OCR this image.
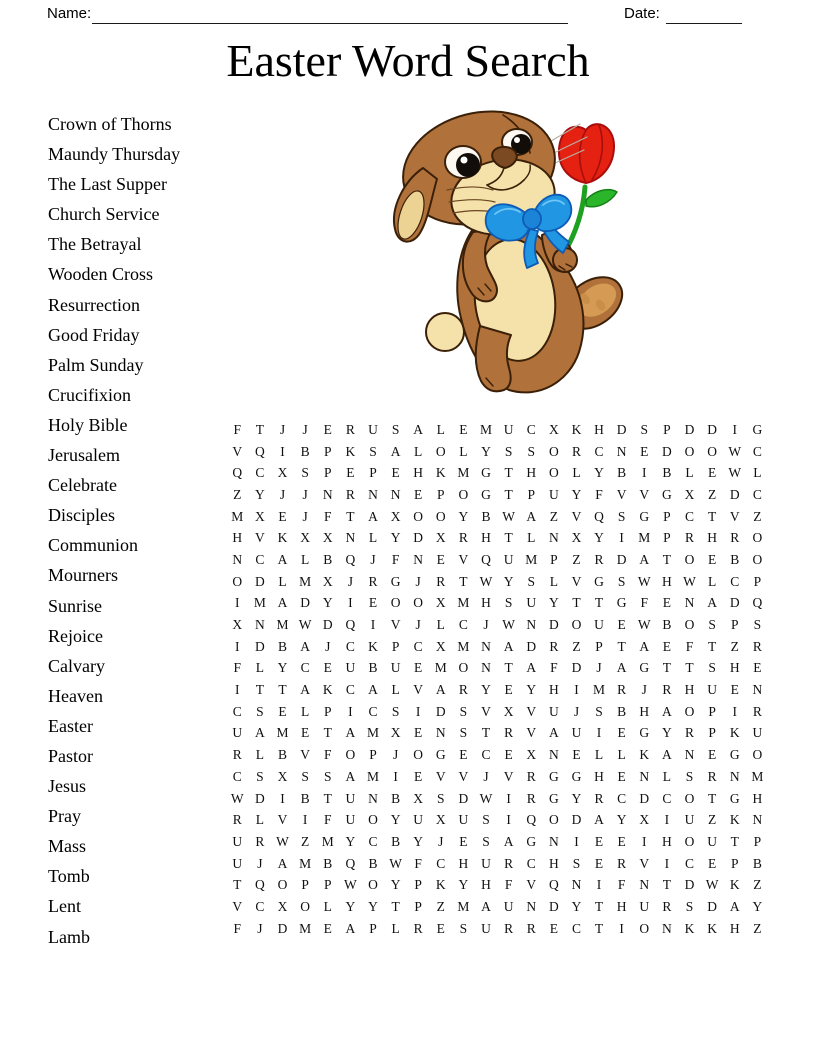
Name:	Date:
Easter Word Search
Crown of Thorns
Maundy Thursday
The Last Supper
Church Service
The Betrayal
Wooden Cross
Resurrection
Good Friday
Palm Sunday
Crucifixion
Holy Bible
Jerusalem
Celebrate
Disciples
Communion
Mourners
Sunrise
Rejoice
Calvary
Heaven
Easter
Pastor
Jesus
Pray
Mass
Tomb
Lent
Lamb
F	T	J	J	E	R U	S	A	L	E M U C X K H D	S	P	D D	I	G
V Q	I	B	P	K	S	A	L	O	L	Y	S	S	O R	C N	E	D O O W C
Q C X	S	P	E	P	E	H K M G	T	H O	L	Y B	I	B	L	E W L
Z	Y	J	J	N R N N	E	P	O G	T	P	U Y	F	V V G X	Z	D C
M X	E	J	F	T	A X O O Y B W A	Z	V Q	S	G	P	C	T	V	Z
H V K X X N	L	Y D X R H	T	L	N X Y	I	M P	R H R O
N C A	L	B Q	J	F	N	E	V Q U M P	Z	R D A	T	O	E	B O
O D	L M X	J	R G	J	R	T W Y	S	L	V G	S W H W L	C	P
I	M A D Y	I	E	O O X M H	S	U Y	T	T	G	F	E	N A D Q
X N M W D Q	I	V	J	L	C	J	W N D O U	E W B O	S	P	S
I	D B A	J	C K	P	C X M N A D R	Z	P	T	A	E	F	T	Z	R
F	L	Y C	E	U B U	E M O N	T	A	F	D	J	A G	T	T	S	H	E
I	T	T	A K C A	L	V A R Y	E	Y H	I	M R	J	R H U	E	N
C	S	E	L	P	I	C	S	I	D	S	V X V U	J	S	B H A O	P	I	R
U A M E	T	A M X	E	N	S	T	R V A U	I	E	G Y R	P	K U
R	L	B V	F	O	P	J	O G	E	C	E	X N	E	L	L	K A N	E	G O
C	S	X	S	S	A M	I	E	V V	J	V R G G H	E	N	L	S	R N M
W D	I	B	T	U N B X	S	D W	I	R G Y R	C D C O	T	G H
R	L	V	I	F	U O Y U X U	S	I	Q O D A Y X	I	U	Z	K N
U R W Z M Y C	B Y	J	E	S	A G N	I	E	E	I	H O U	T	P
U	J	A M B Q B W F	C H U R	C H	S	E	R V	I	C	E	P	B
T	Q O	P	P W O Y	P	K Y H	F	V Q N	I	F	N	T	D W K	Z
V C X O	L	Y Y	T	P	Z M A U N D Y	T	H U R	S	D A Y
F	J	D M E	A	P	L	R	E	S	U R	R	E	C	T	I	O N K K H	Z
